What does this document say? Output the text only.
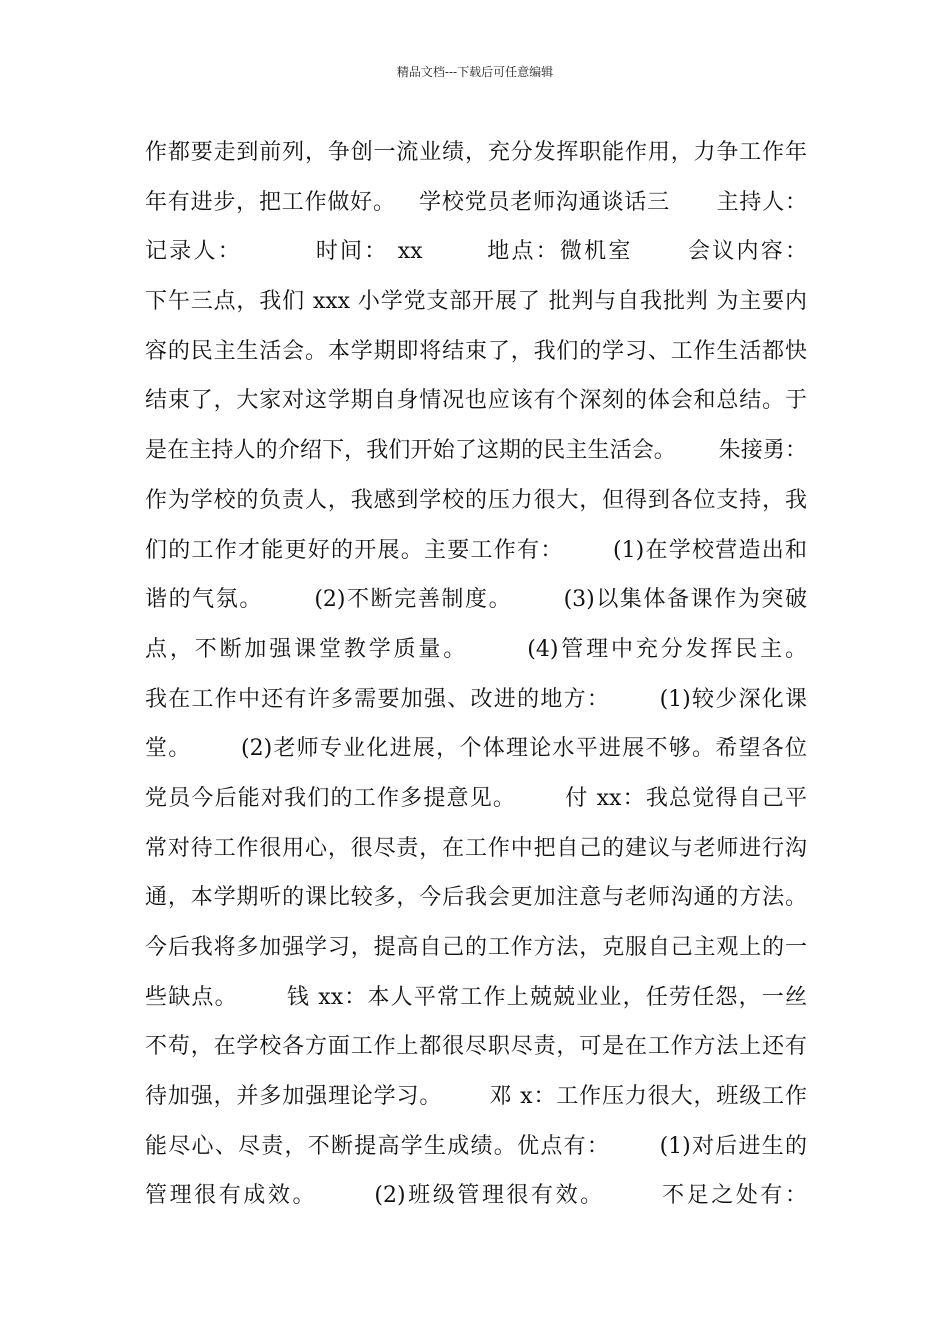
精品文档---下载后可任意编辑
作都要走到前列，争创一流业绩，充分发挥职能作用，力争工作年
年有进步，把工作做好。   学校党员老师沟通谈话三      主持人：
记录人：        时间： xx       地点：微机室      会议内容：
下午三点，我们 xxx 小学党支部开展了 批判与自我批判 为主要内
容的民主生活会。本学期即将结束了，我们的学习、工作生活都快
结束了，大家对这学期自身情况也应该有个深刻的体会和总结。于
是在主持人的介绍下，我们开始了这期的民主生活会。      朱接勇：
作为学校的负责人，我感到学校的压力很大，但得到各位支持，我
们的工作才能更好的开展。主要工作有：      (1)在学校营造出和
谐的气氛。      (2)不断完善制度。      (3)以集体备课作为突破
点，不断加强课堂教学质量。      (4)管理中充分发挥民主。
我在工作中还有许多需要加强、改进的地方：      (1)较少深化课
堂。      (2)老师专业化进展，个体理论水平进展不够。希望各位
党员今后能对我们的工作多提意见。      付 xx：我总觉得自己平
常对待工作很用心，很尽责，在工作中把自己的建议与老师进行沟
通，本学期听的课比较多，今后我会更加注意与老师沟通的方法。
今后我将多加强学习，提高自己的工作方法，克服自己主观上的一
些缺点。      钱 xx：本人平常工作上兢兢业业，任劳任怨，一丝
不苟，在学校各方面工作上都很尽职尽责，可是在工作方法上还有
待加强，并多加强理论学习。      邓 x：工作压力很大，班级工作
能尽心、尽责，不断提高学生成绩。优点有：      (1)对后进生的
管理很有成效。      (2)班级管理很有效。      不足之处有：
